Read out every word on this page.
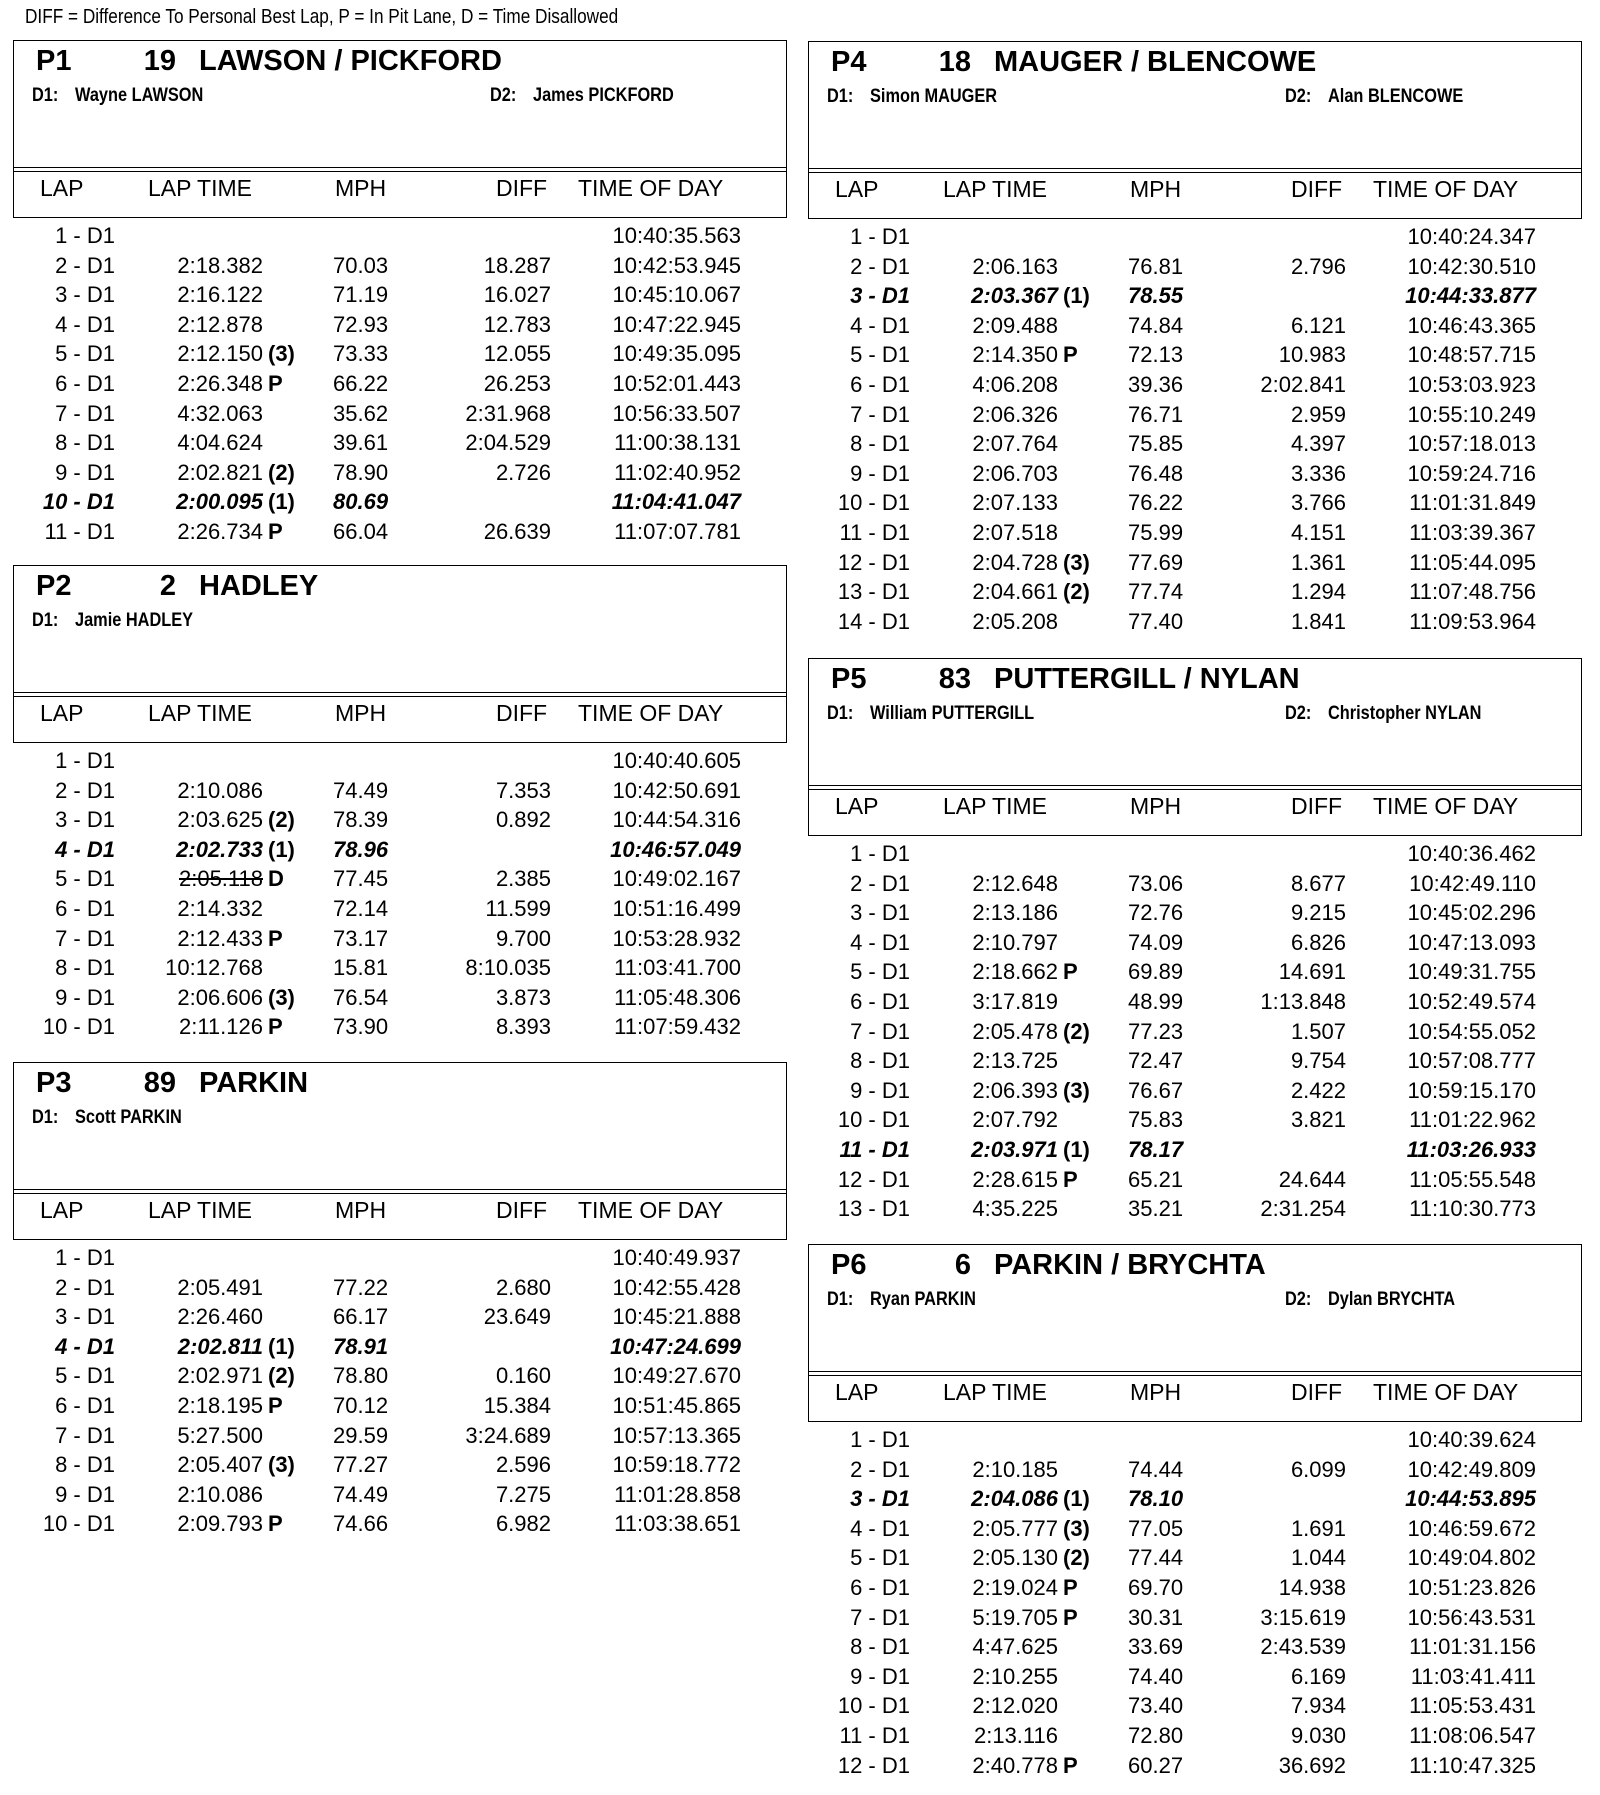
DIFF = Difference To Personal Best Lap, P = In Pit Lane, D = Time Disallowed
P1 19 LAWSON / PICKFORD
D1: Wayne LAWSON	D2: James PICKFORD
LAP	LAP TIME	MPH	DIFF TIME OF DAY
1 - D1	10:40:35.563
2 - D1	2:18.382	70.03	18.287	10:42:53.945
3 - D1	2:16.122	71.19	16.027	10:45:10.067
4 - D1	2:12.878	72.93	12.783	10:47:22.945
5 - D1	2:12.150 (3) 73.33	12.055	10:49:35.095
6 - D1	2:26.348 P 66.22	26.253	10:52:01.443
7 - D1	4:32.063	35.62	2:31.968	10:56:33.507
8 - D1	4:04.624	39.61	2:04.529	11:00:38.131
9 - D1	2:02.821 (2) 78.90	2.726	11:02:40.952
10 - D1	2:00.095 (1) 80.69	11:04:41.047
11 - D1	2:26.734 P 66.04	26.639	11:07:07.781
P2	2 HADLEY
D1: Jamie HADLEY
LAP	LAP TIME	MPH	DIFF TIME OF DAY
1 - D1	10:40:40.605
2 - D1	2:10.086	74.49	7.353	10:42:50.691
3 - D1	2:03.625 (2) 78.39	0.892	10:44:54.316
4 - D1	2:02.733 (1) 78.96	10:46:57.049
5 - D1	2:05.118 D 77.45	2.385	10:49:02.167
6 - D1	2:14.332	72.14	11.599	10:51:16.499
7 - D1	2:12.433 P 73.17	9.700	10:53:28.932
8 - D1 10:12.768	15.81	8:10.035	11:03:41.700
9 - D1	2:06.606 (3) 76.54	3.873	11:05:48.306
10 - D1	2:11.126 P 73.90	8.393	11:07:59.432
P3 89 PARKIN
D1: Scott PARKIN
LAP	LAP TIME	MPH	DIFF TIME OF DAY
1 - D1	10:40:49.937
2 - D1	2:05.491	77.22	2.680	10:42:55.428
3 - D1	2:26.460	66.17	23.649	10:45:21.888
4 - D1	2:02.811 (1) 78.91	10:47:24.699
5 - D1	2:02.971 (2) 78.80	0.160	10:49:27.670
6 - D1	2:18.195 P 70.12	15.384	10:51:45.865
7 - D1	5:27.500	29.59	3:24.689	10:57:13.365
8 - D1	2:05.407 (3) 77.27	2.596	10:59:18.772
9 - D1	2:10.086	74.49	7.275	11:01:28.858
10 - D1	2:09.793 P 74.66	6.982	11:03:38.651
P4 18 MAUGER / BLENCOWE
D1: Simon MAUGER	D2: Alan BLENCOWE
LAP	LAP TIME	MPH	DIFF TIME OF DAY
1 - D1	10:40:24.347
2 - D1	2:06.163	76.81	2.796	10:42:30.510
3 - D1	2:03.367 (1) 78.55	10:44:33.877
4 - D1	2:09.488	74.84	6.121	10:46:43.365
5 - D1	2:14.350 P 72.13	10.983	10:48:57.715
6 - D1	4:06.208	39.36	2:02.841	10:53:03.923
7 - D1	2:06.326	76.71	2.959	10:55:10.249
8 - D1	2:07.764	75.85	4.397	10:57:18.013
9 - D1	2:06.703	76.48	3.336	10:59:24.716
10 - D1	2:07.133	76.22	3.766	11:01:31.849
11 - D1	2:07.518	75.99	4.151	11:03:39.367
12 - D1	2:04.728 (3) 77.69	1.361	11:05:44.095
13 - D1	2:04.661 (2) 77.74	1.294	11:07:48.756
14 - D1	2:05.208	77.40	1.841	11:09:53.964
P5 83 PUTTERGILL / NYLAN
D1: William PUTTERGILL	D2: Christopher NYLAN
LAP	LAP TIME	MPH	DIFF TIME OF DAY
1 - D1	10:40:36.462
2 - D1	2:12.648	73.06	8.677	10:42:49.110
3 - D1	2:13.186	72.76	9.215	10:45:02.296
4 - D1	2:10.797	74.09	6.826	10:47:13.093
5 - D1	2:18.662 P 69.89	14.691	10:49:31.755
6 - D1	3:17.819	48.99	1:13.848	10:52:49.574
7 - D1	2:05.478 (2) 77.23	1.507	10:54:55.052
8 - D1	2:13.725	72.47	9.754	10:57:08.777
9 - D1	2:06.393 (3) 76.67	2.422	10:59:15.170
10 - D1	2:07.792	75.83	3.821	11:01:22.962
11 - D1	2:03.971 (1) 78.17	11:03:26.933
12 - D1	2:28.615 P 65.21	24.644	11:05:55.548
13 - D1	4:35.225	35.21	2:31.254	11:10:30.773
P6	6 PARKIN / BRYCHTA
D1: Ryan PARKIN	D2: Dylan BRYCHTA
LAP	LAP TIME	MPH	DIFF TIME OF DAY
1 - D1	10:40:39.624
2 - D1	2:10.185	74.44	6.099	10:42:49.809
3 - D1	2:04.086 (1) 78.10	10:44:53.895
4 - D1	2:05.777 (3) 77.05	1.691	10:46:59.672
5 - D1	2:05.130 (2) 77.44	1.044	10:49:04.802
6 - D1	2:19.024 P 69.70	14.938	10:51:23.826
7 - D1	5:19.705 P 30.31	3:15.619	10:56:43.531
8 - D1	4:47.625	33.69	2:43.539	11:01:31.156
9 - D1	2:10.255	74.40	6.169	11:03:41.411
10 - D1	2:12.020	73.40	7.934	11:05:53.431
11 - D1	2:13.116	72.80	9.030	11:08:06.547
12 - D1	2:40.778 P 60.27	36.692	11:10:47.325
